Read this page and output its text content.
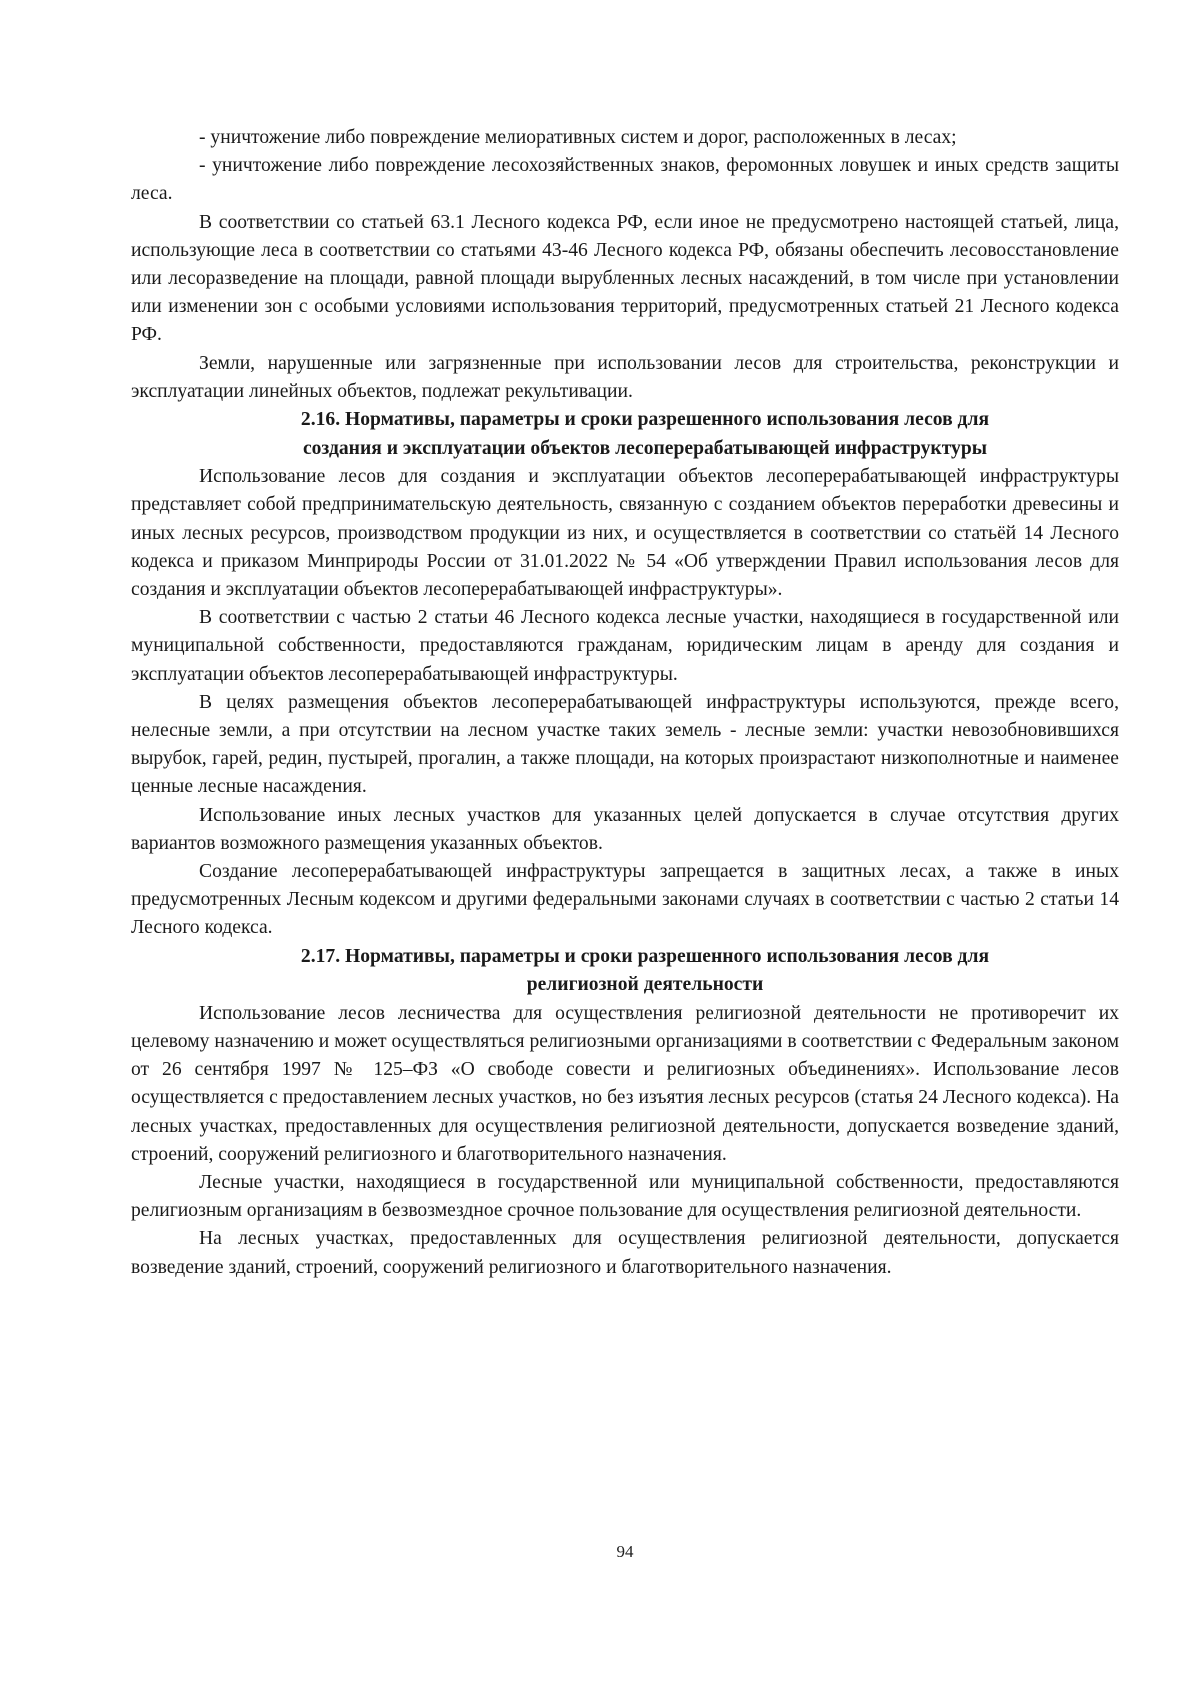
- уничтожение либо повреждение мелиоративных систем и дорог, расположенных в лесах;

- уничтожение либо повреждение лесохозяйственных знаков, феромонных ловушек и иных средств защиты леса.

В соответствии со статьей 63.1 Лесного кодекса РФ, если иное не предусмотрено настоящей статьей, лица, использующие леса в соответствии со статьями 43-46 Лесного кодекса РФ, обязаны обеспечить лесовосстановление или лесоразведение на площади, равной площади вырубленных лесных насаждений, в том числе при установлении или изменении зон с особыми условиями использования территорий, предусмотренных статьей 21 Лесного кодекса РФ.

Земли, нарушенные или загрязненные при использовании лесов для строительства, реконструкции и эксплуатации линейных объектов, подлежат рекультивации.

2.16. Нормативы, параметры и сроки разрешенного использования лесов для
создания и эксплуатации объектов лесоперерабатывающей инфраструктуры

Использование лесов для создания и эксплуатации объектов лесоперерабатывающей инфраструктуры представляет собой предпринимательскую деятельность, связанную с созданием объектов переработки древесины и иных лесных ресурсов, производством продукции из них, и осуществляется в соответствии со статьёй 14 Лесного кодекса и приказом Минприроды России от 31.01.2022 № 54 «Об утверждении Правил использования лесов для создания и эксплуатации объектов лесоперерабатывающей инфраструктуры».

В соответствии с частью 2 статьи 46 Лесного кодекса лесные участки, находящиеся в государственной или муниципальной собственности, предоставляются гражданам, юридическим лицам в аренду для создания и эксплуатации объектов лесоперерабатывающей инфраструктуры.

В целях размещения объектов лесоперерабатывающей инфраструктуры используются, прежде всего, нелесные земли, а при отсутствии на лесном участке таких земель - лесные земли: участки невозобновившихся вырубок, гарей, редин, пустырей, прогалин, а также площади, на которых произрастают низкополнотные и наименее ценные лесные насаждения.

Использование иных лесных участков для указанных целей допускается в случае отсутствия других вариантов возможного размещения указанных объектов.

Создание лесоперерабатывающей инфраструктуры запрещается в защитных лесах, а также в иных предусмотренных Лесным кодексом и другими федеральными законами случаях в соответствии с частью 2 статьи 14 Лесного кодекса.

2.17. Нормативы, параметры и сроки разрешенного использования лесов для
религиозной деятельности

Использование лесов лесничества для осуществления религиозной деятельности не противоречит их целевому назначению и может осуществляться религиозными организациями в соответствии с Федеральным законом от 26 сентября 1997 № 125–ФЗ «О свободе совести и религиозных объединениях». Использование лесов осуществляется с предоставлением лесных участков, но без изъятия лесных ресурсов (статья 24 Лесного кодекса). На лесных участках, предоставленных для осуществления религиозной деятельности, допускается возведение зданий, строений, сооружений религиозного и благотворительного назначения.

Лесные участки, находящиеся в государственной или муниципальной собственности, предоставляются религиозным организациям в безвозмездное срочное пользование для осуществления религиозной деятельности.

На лесных участках, предоставленных для осуществления религиозной деятельности, допускается возведение зданий, строений, сооружений религиозного и благотворительного назначения.

94
